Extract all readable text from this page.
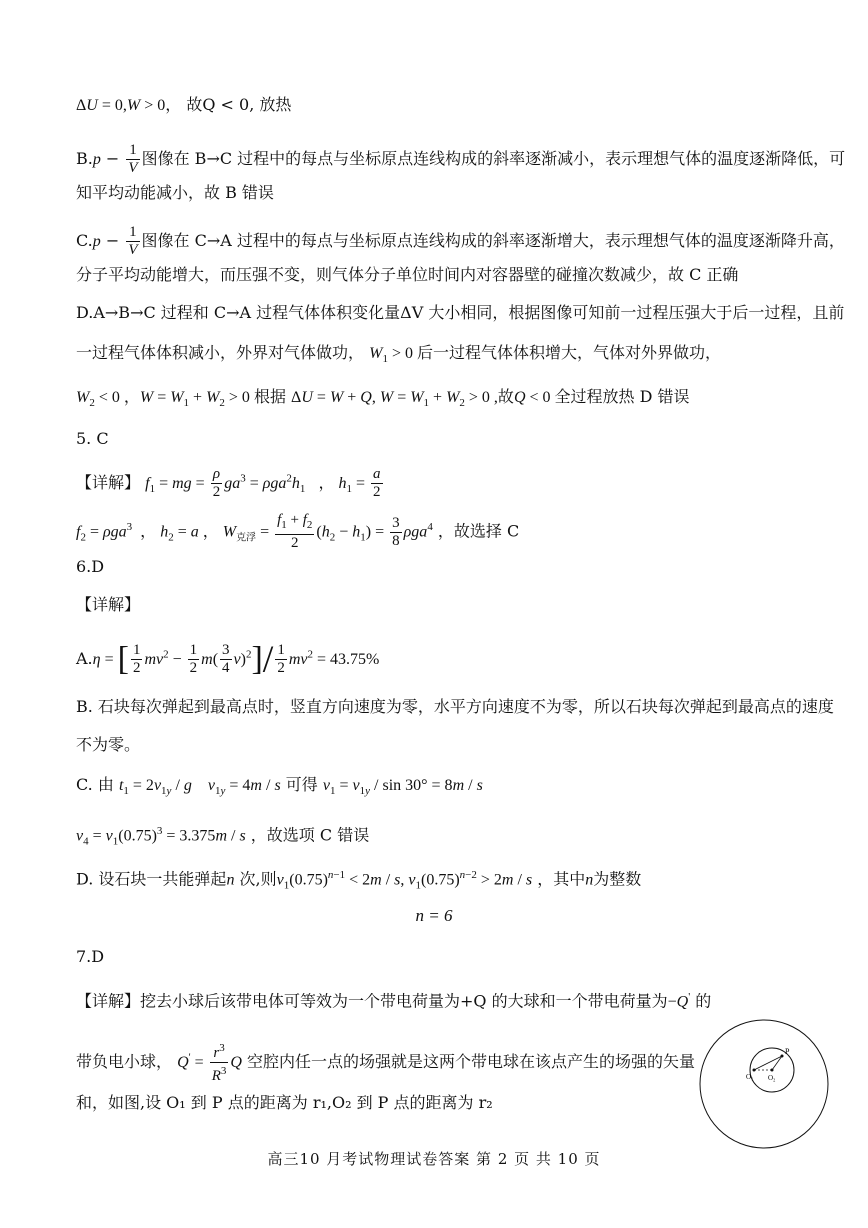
ΔU = 0,W > 0， 故Q < 0, 放热
$B.p - \frac{1}{V}$ 图像在 B→C 过程中的每点与坐标原点连线构成的斜率逐渐减小，表示理想气体的温度逐渐降低，可
知平均动能减小，故 B 错误
$C.p - \frac{1}{V}$ 图像在 C→A 过程中的每点与坐标原点连线构成的斜率逐渐增大，表示理想气体的温度逐渐降升高，
分子平均动能增大，而压强不变，则气体分子单位时间内对容器壁的碰撞次数减少，故 C 正确
D.A→B→C 过程和 C→A 过程气体体积变化量ΔV 大小相同，根据图像可知前一过程压强大于后一过程，且前
一过程气体体积减小，外界对气体做功， $W_1 > 0$ 后一过程气体体积增大，气体对外界做功，
$W_2 < 0$ ，$W = W_1 + W_2 > 0$ 根据 ΔU = W + Q, $W = W_1 + W_2 > 0$ ,故Q < 0 全过程放热 D 错误
5. C
【详解】 $f_1$ = mg = $\frac{\rho}{2} ga^3 = \rho ga^2h_1$   ， $h_1 = \frac{a}{2}$
$f_2 = \rho ga^3$  ， $h_2 = a$ ， $W_{克浮} = \frac{f_1 + f_2}{2} (h_2 - h_1) = \frac{3}{8} \rho ga^4$ ，故选择 C
6.D
【详解】
A.η = [ $\frac{1}{2} mv^2 - \frac{1}{2} m( \frac{3}{4} v)^2]/ \frac{1}{2} mv^2 = 43.75\%$
B. 石块每次弹起到最高点时，竖直方向速度为零，水平方向速度不为零，所以石块每次弹起到最高点的速度
不为零。
C. 由 $t_1 = 2v_{1y} / g$ $v_{1y} = 4m / s$ 可得 $v_1 = v_{1y} / \sin 30^\circ = 8m / s$
$v_4 = v_1(0.75)^3 = 3.375m / s$ ，故选项 C 错误
D. 设石块一共能弹起n 次,则$v_1(0.75)^{n-1} < 2m / s$, $v_1(0.75)^{n-2} > 2m / s$ ，其中n为整数
n = 6
7.D
【详解】挖去小球后该带电体可等效为一个带电荷量为+Q 的大球和一个带电荷量为−Q' 的
带负电小球， $Q' = \frac{r^3}{R^3}$ Q 空腔内任一点的场强就是这两个带电球在该点产生的场强的矢量
和，如图,设 O₁ 到 P 点的距离为 r₁,O₂ 到 P 点的距离为 r₂
P
O₁ O₂
高三10 月考试物理试卷答案 第 2 页 共 10 页
